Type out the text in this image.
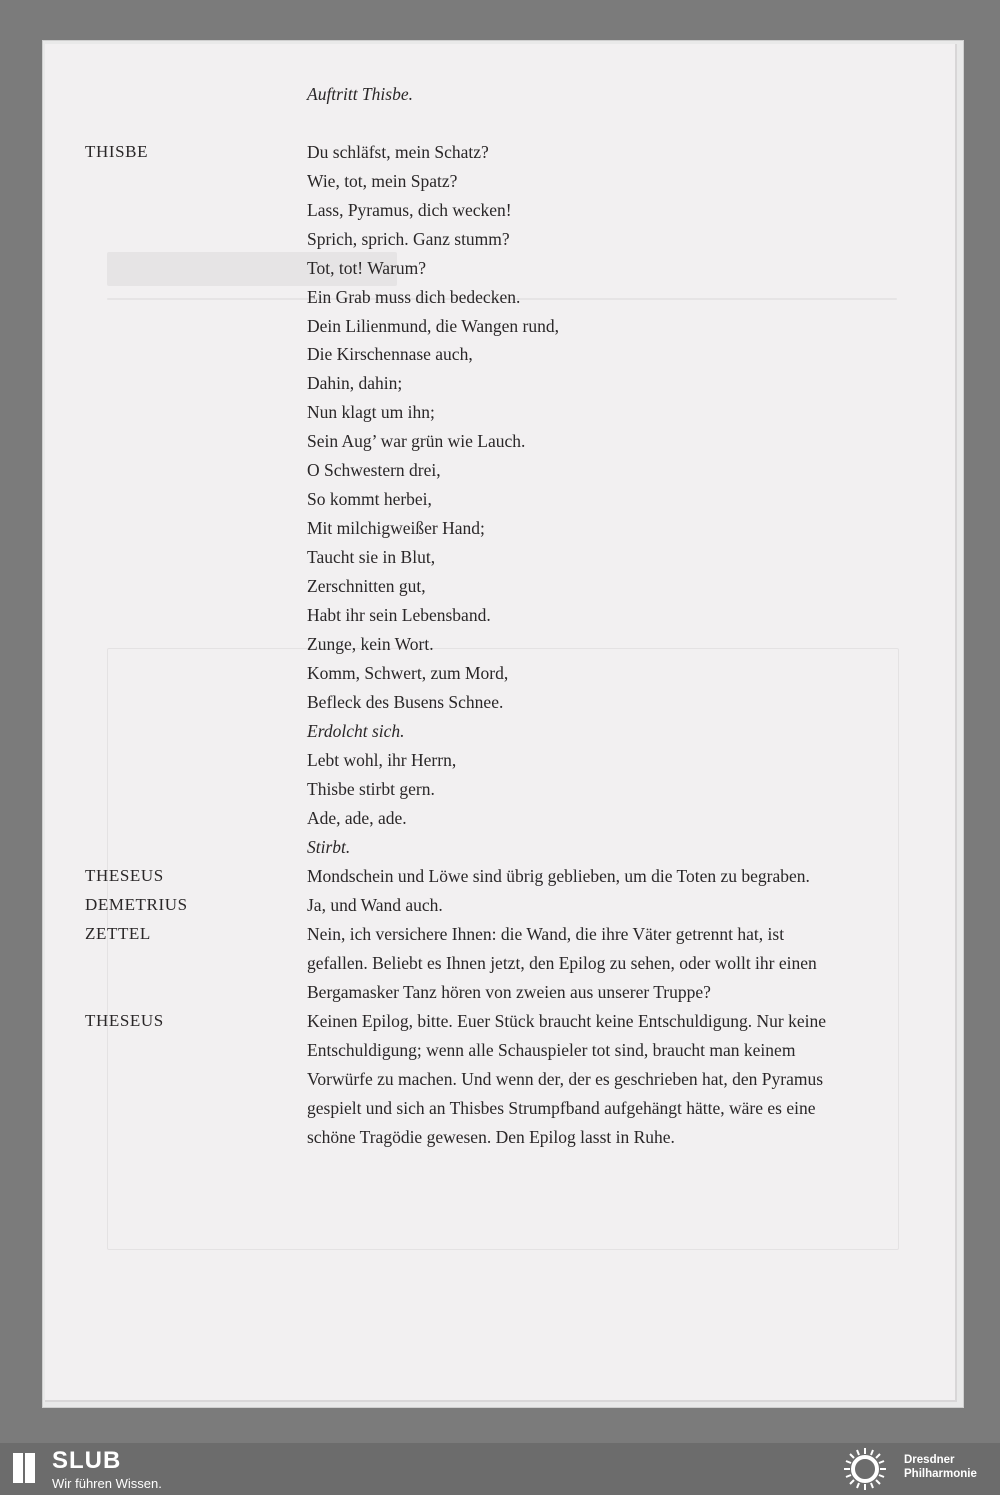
Auftritt Thisbe.
THISBE	Du schläfst, mein Schatz?
Wie, tot, mein Spatz?
Lass, Pyramus, dich wecken!
Sprich, sprich. Ganz stumm?
Tot, tot! Warum?
Ein Grab muss dich bedecken.
Dein Lilienmund, die Wangen rund,
Die Kirschennase auch,
Dahin, dahin;
Nun klagt um ihn;
Sein Aug’ war grün wie Lauch.
O Schwestern drei,
So kommt herbei,
Mit milchigweißer Hand;
Taucht sie in Blut,
Zerschnitten gut,
Habt ihr sein Lebensband.
Zunge, kein Wort.
Komm, Schwert, zum Mord,
Befleck des Busens Schnee.
Erdolcht sich.
Lebt wohl, ihr Herrn,
Thisbe stirbt gern.
Ade, ade, ade.
Stirbt.
THESEUS	Mondschein und Löwe sind übrig geblieben, um die Toten zu begraben.
DEMETRIUS	Ja, und Wand auch.
ZETTEL	Nein, ich versichere Ihnen: die Wand, die ihre Väter getrennt hat, ist
gefallen. Beliebt es Ihnen jetzt, den Epilog zu sehen, oder wollt ihr einen
Bergamasker Tanz hören von zweien aus unserer Truppe?
THESEUS	Keinen Epilog, bitte. Euer Stück braucht keine Entschuldigung. Nur keine
Entschuldigung; wenn alle Schauspieler tot sind, braucht man keinem
Vorwürfe zu machen. Und wenn der, der es geschrieben hat, den Pyramus
gespielt und sich an Thisbes Strumpfband aufgehängt hätte, wäre es eine
schöne Tragödie gewesen. Den Epilog lasst in Ruhe.
SLUB
Wir führen Wissen.
Dresdner
Philharmonie
